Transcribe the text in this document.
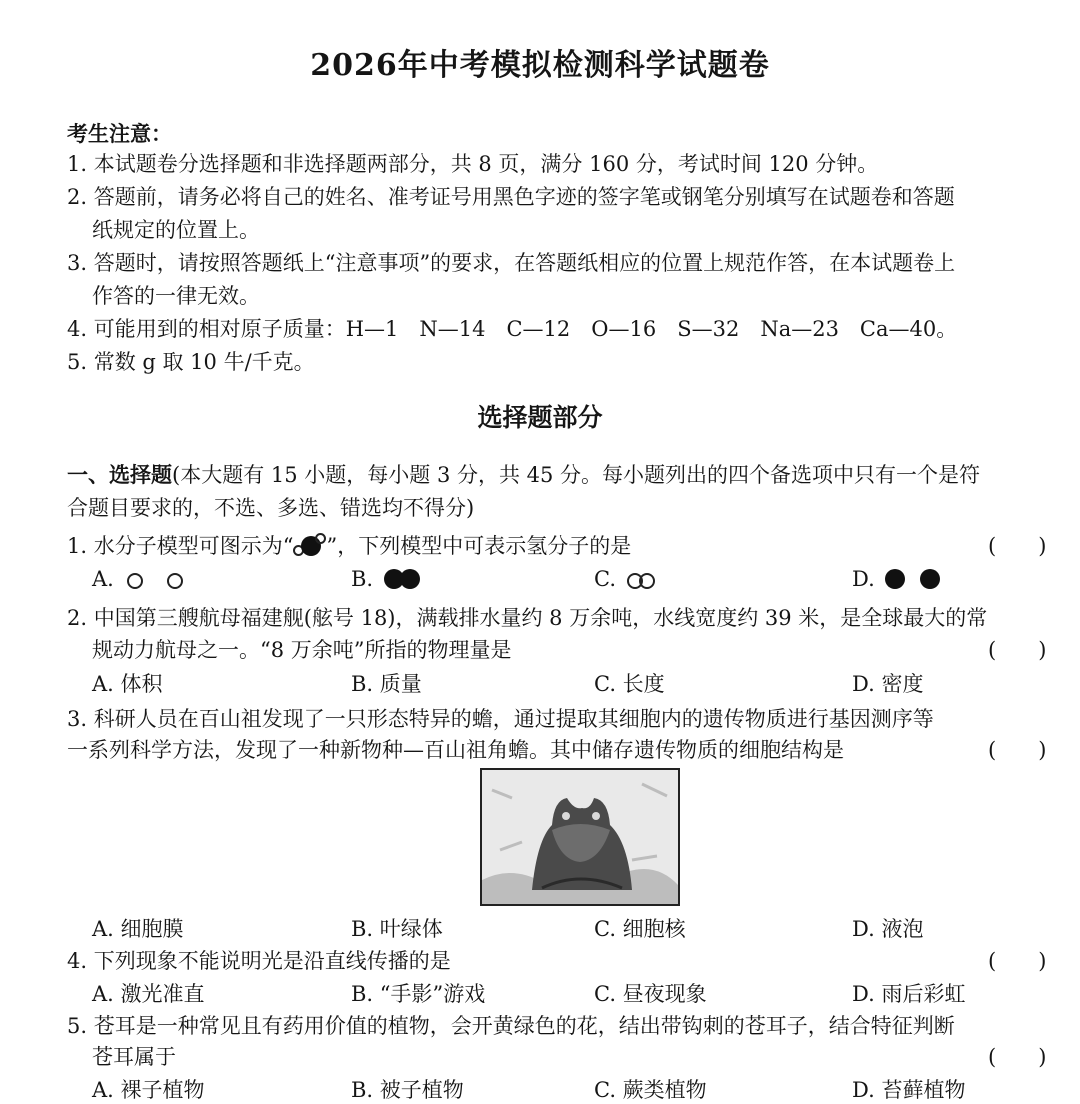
2026年中考模拟检测科学试题卷
考生注意：
1. 本试题卷分选择题和非选择题两部分，共 8 页，满分 160 分，考试时间 120 分钟。
2. 答题前，请务必将自己的姓名、准考证号用黑色字迹的签字笔或钢笔分别填写在试题卷和答题
纸规定的位置上。
3. 答题时，请按照答题纸上“注意事项”的要求，在答题纸相应的位置上规范作答，在本试题卷上
作答的一律无效。
4. 可能用到的相对原子质量：H—1　N—14　C—12　O—16　S—32　Na—23　Ca—40。
5. 常数 g 取 10 牛/千克。
选择题部分
一、选择题(本大题有 15 小题，每小题 3 分，共 45 分。每小题列出的四个备选项中只有一个是符
合题目要求的，不选、多选、错选均不得分)
1. 水分子模型可图示为“ ”，下列模型中可表示氢分子的是	(　　)
A.	B.	C.	D.
2. 中国第三艘航母福建舰(舷号 18)，满载排水量约 8 万余吨，水线宽度约 39 米，是全球最大的常
规动力航母之一。“8 万余吨”所指的物理量是	(　　)
A. 体积	B. 质量	C. 长度	D. 密度
3. 科研人员在百山祖发现了一只形态特异的蟾，通过提取其细胞内的遗传物质进行基因测序等
一系列科学方法，发现了一种新物种—百山祖角蟾。其中储存遗传物质的细胞结构是	(　　)
A. 细胞膜	B. 叶绿体	C. 细胞核	D. 液泡
4. 下列现象不能说明光是沿直线传播的是	(　　)
A. 激光准直	B. “手影”游戏	C. 昼夜现象	D. 雨后彩虹
5. 苍耳是一种常见且有药用价值的植物，会开黄绿色的花，结出带钩刺的苍耳子，结合特征判断
苍耳属于	(　　)
A. 裸子植物	B. 被子植物	C. 蕨类植物	D. 苔藓植物
